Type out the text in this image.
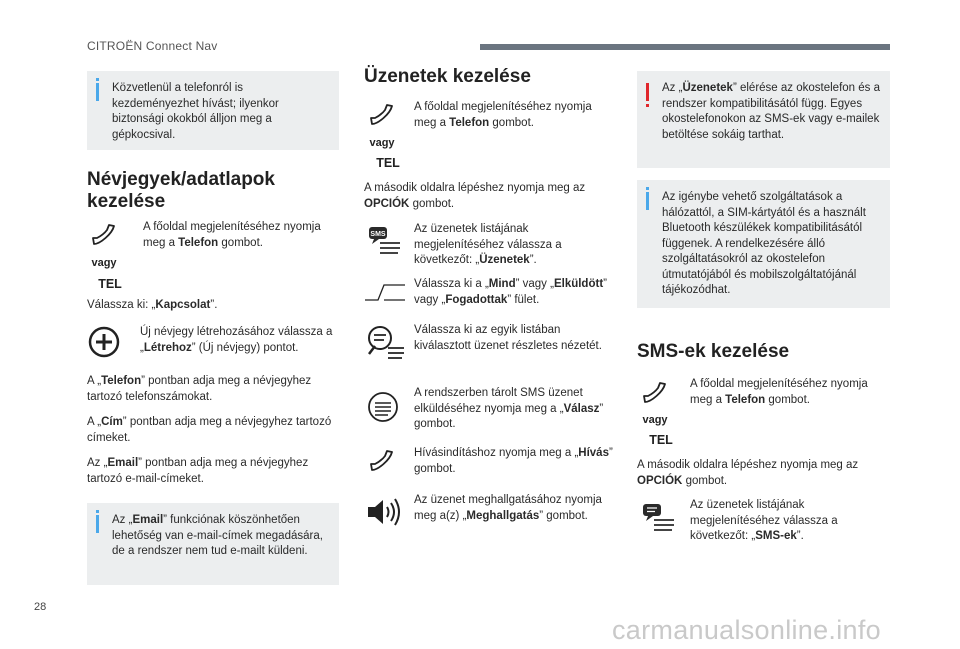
CITROËN Connect Nav

Közvetlenül a telefonról is kezdeményezhet hívást; ilyenkor biztonsági okokból álljon meg a gépkocsival.

Névjegyek/adatlapok kezelése
vagy
TEL

A főoldal megjelenítéséhez nyomja meg a Telefon gombot.

Válassza ki: „Kapcsolat”.

Új névjegy létrehozásához válassza a „Létrehoz” (Új névjegy) pontot.

A „Telefon” pontban adja meg a névjegyhez tartozó telefonszámokat.

A „Cím” pontban adja meg a névjegyhez tartozó címeket.

Az „Email” pontban adja meg a névjegyhez tartozó e-mail-címeket.

Az „Email” funkciónak köszönhetően lehetőség van e-mail-címek megadására, de a rendszer nem tud e-mailt küldeni.

Üzenetek kezelése
vagy
TEL

A főoldal megjelenítéséhez nyomja meg a Telefon gombot.

A második oldalra lépéshez nyomja meg az OPCIÓK gombot.

SMS Az üzenetek listájának megjelenítéséhez válassza a következőt: „Üzenetek”.

Válassza ki a „Mind” vagy „Elküldött” vagy „Fogadottak” fület.

Válassza ki az egyik listában kiválasztott üzenet részletes nézetét.

A rendszerben tárolt SMS üzenet elküldéséhez nyomja meg a „Válasz” gombot.

Hívásindításhoz nyomja meg a „Hívás” gombot.

Az üzenet meghallgatásához nyomja meg a(z) „Meghallgatás” gombot.

Az „Üzenetek” elérése az okostelefon és a rendszer kompatibilitásától függ. Egyes okostelefonokon az SMS-ek vagy e-mailek betöltése sokáig tarthat.

Az igénybe vehető szolgáltatások a hálózattól, a SIM-kártyától és a használt Bluetooth készülékek kompatibilitásától függenek. A rendelkezésére álló szolgáltatásokról az okostelefon útmutatójából és mobilszolgáltatójánál tájékozódhat.

SMS-ek kezelése
vagy
TEL

A főoldal megjelenítéséhez nyomja meg a Telefon gombot.

A második oldalra lépéshez nyomja meg az OPCIÓK gombot.

Az üzenetek listájának megjelenítéséhez válassza a következőt: „SMS-ek”.

28
carmanualsonline.info
